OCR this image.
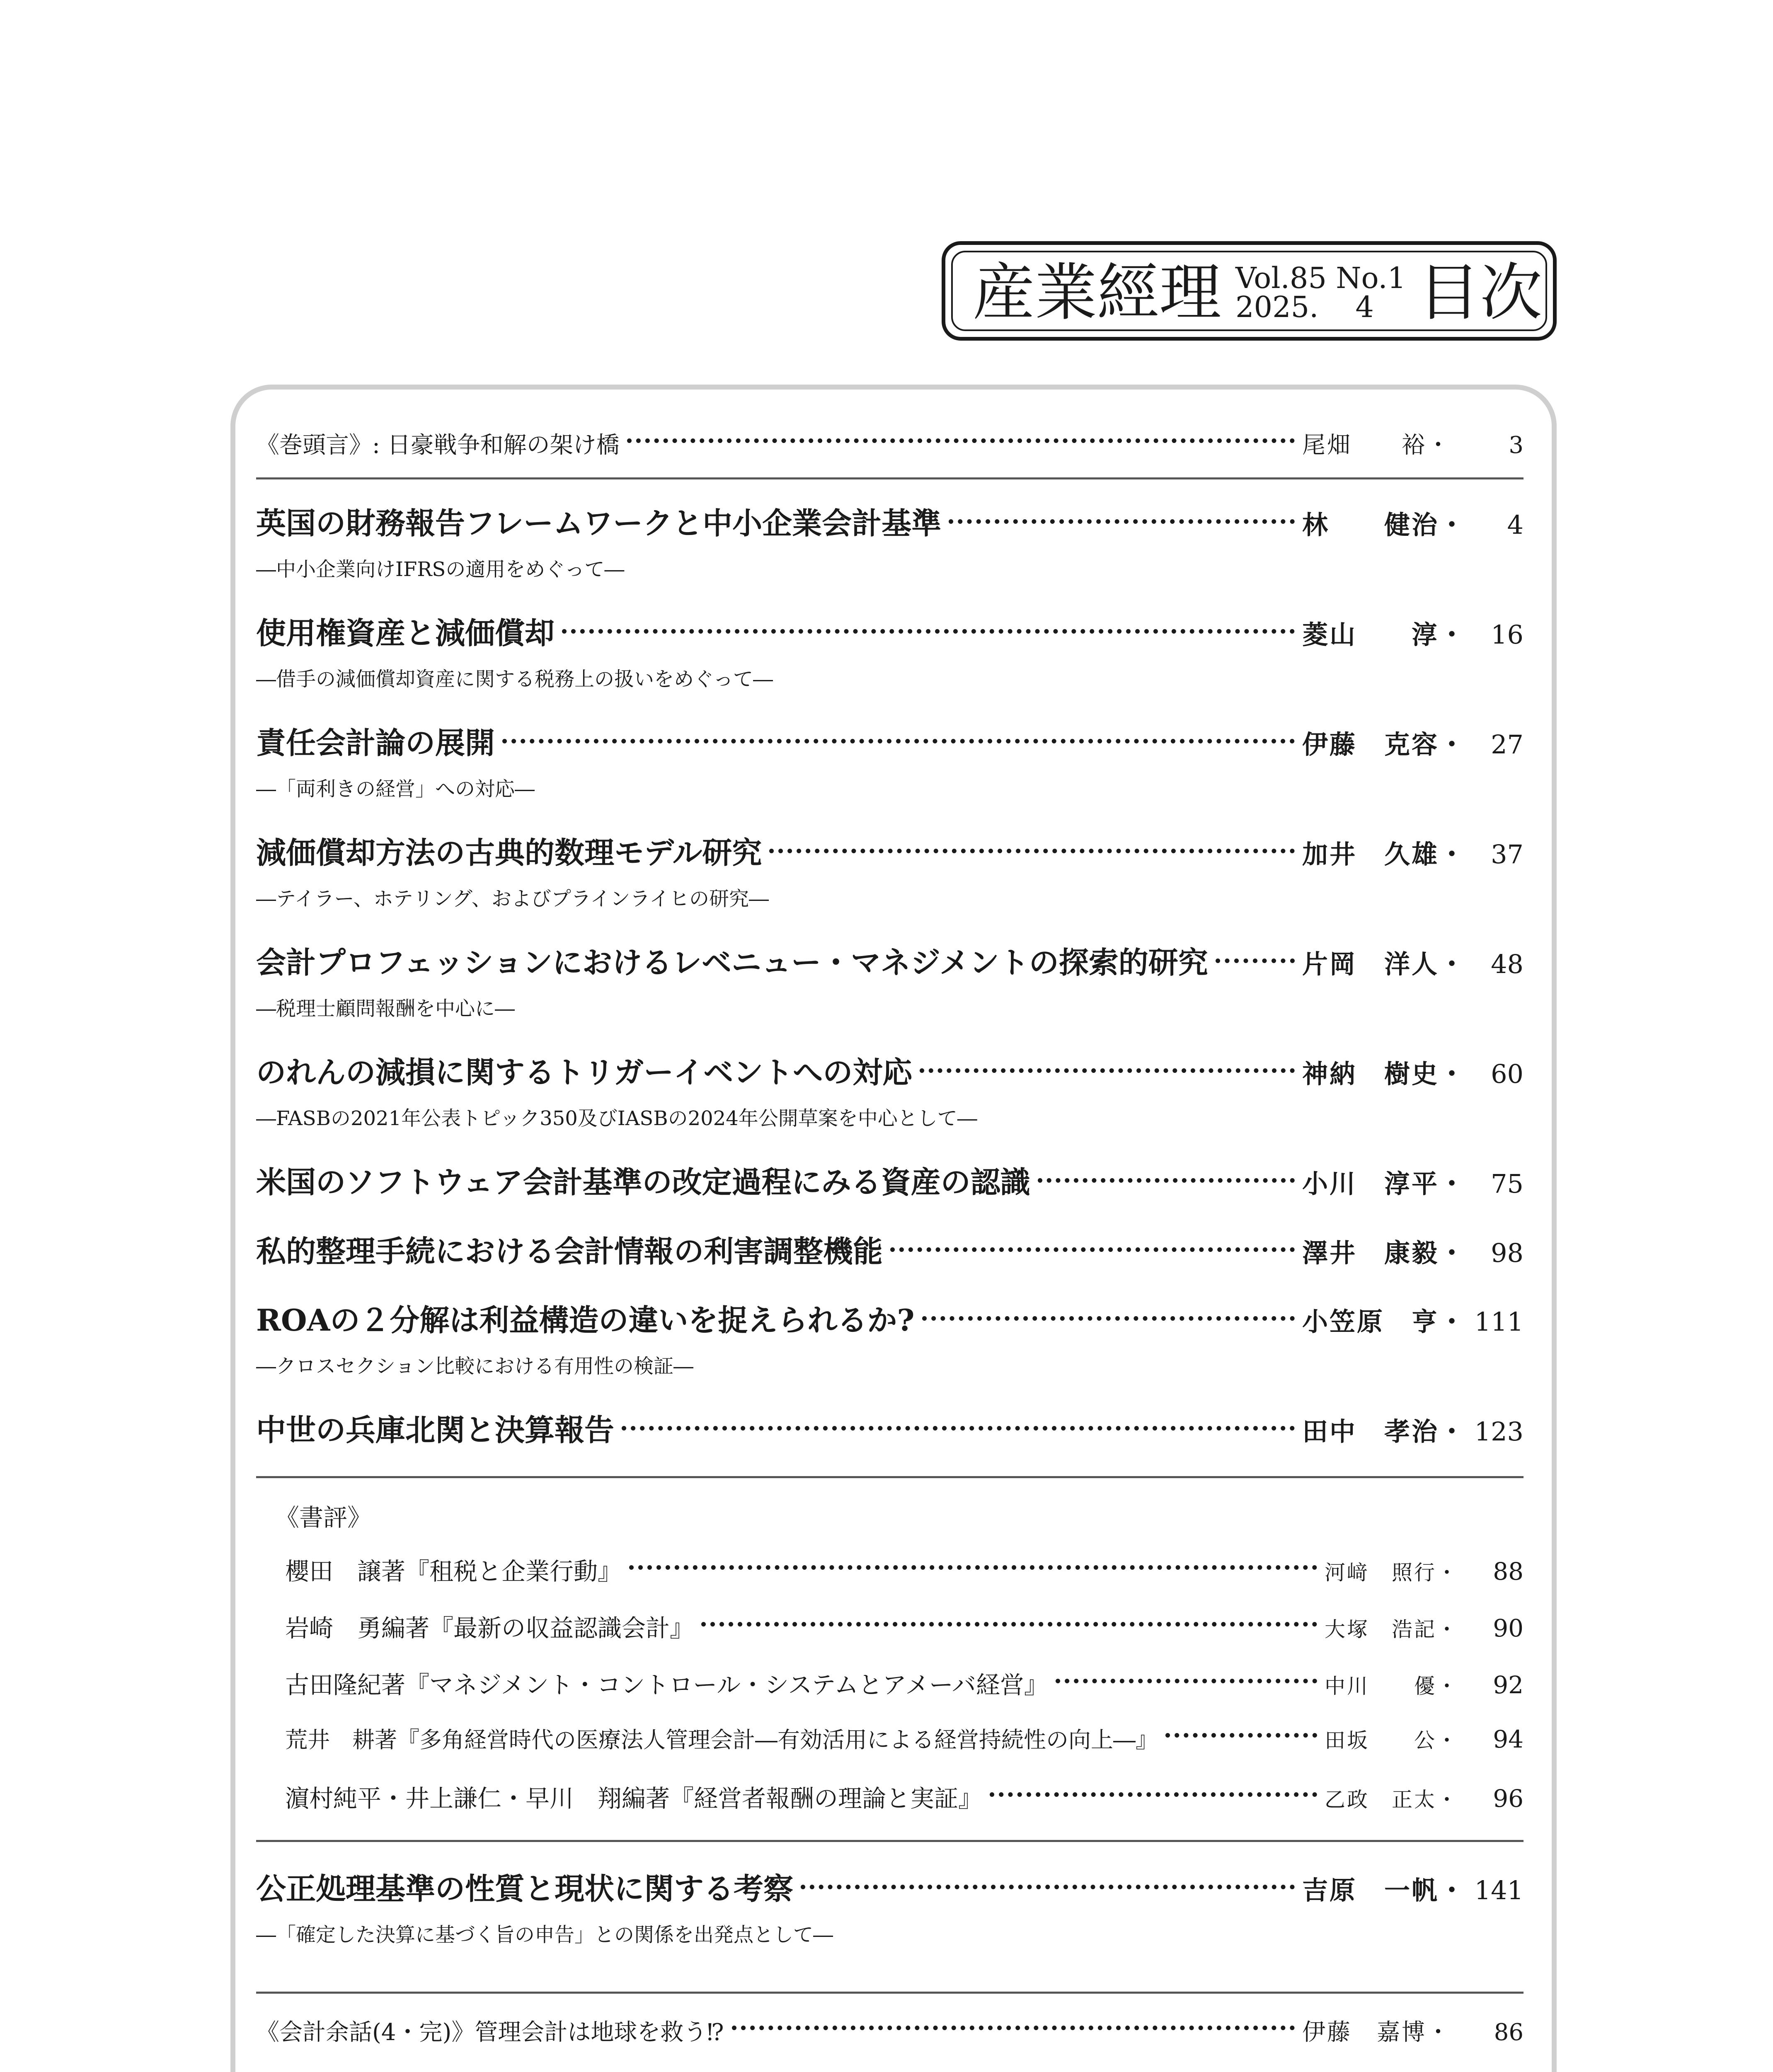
産業經理 Vol.85 No.1
2025.    4 目次
《巻頭言》: 日豪戦争和解の架け橋	尾畑　　裕・	3
英国の財務報告フレームワークと中小企業会計基準	林　　健治・	4
―中小企業向けIFRSの適用をめぐって―
使用権資産と減価償却	菱山　　淳・ 16
―借手の減価償却資産に関する税務上の扱いをめぐって―
責任会計論の展開	伊藤　克容・ 27
―「両利きの経営」への対応―
減価償却方法の古典的数理モデル研究	加井　久雄・ 37
―テイラー、ホテリング、およびプラインライヒの研究―
会計プロフェッションにおけるレベニュー・マネジメントの探索的研究	片岡　洋人・ 48
―税理士顧問報酬を中心に―
のれんの減損に関するトリガーイベントへの対応	神納　樹史・ 60
―FASBの2021年公表トピック350及びIASBの2024年公開草案を中心として―
米国のソフトウェア会計基準の改定過程にみる資産の認識	小川　淳平・ 75
私的整理手続における会計情報の利害調整機能	澤井　康毅・ 98
ROAの２分解は利益構造の違いを捉えられるか?	小笠原　亨・ 111
―クロスセクション比較における有用性の検証―
中世の兵庫北関と決算報告	田中　孝治・ 123
《書評》
櫻田　譲著『租税と企業行動』	河﨑　照行・	88
岩崎　勇編著『最新の収益認識会計』	大塚　浩記・	90
古田隆紀著『マネジメント・コントロール・システムとアメーバ経営』	中川　　優・	92
荒井　耕著『多角経営時代の医療法人管理会計―有効活用による経営持続性の向上―』	田坂　　公・	94
濵村純平・井上謙仁・早川　翔編著『経営者報酬の理論と実証』	乙政　正太・	96
公正処理基準の性質と現状に関する考察	吉原　一帆・ 141
―「確定した決算に基づく旨の申告」との関係を出発点として―
《会計余話(4・完)》管理会計は地球を救う⁉	伊藤　嘉博・	86
